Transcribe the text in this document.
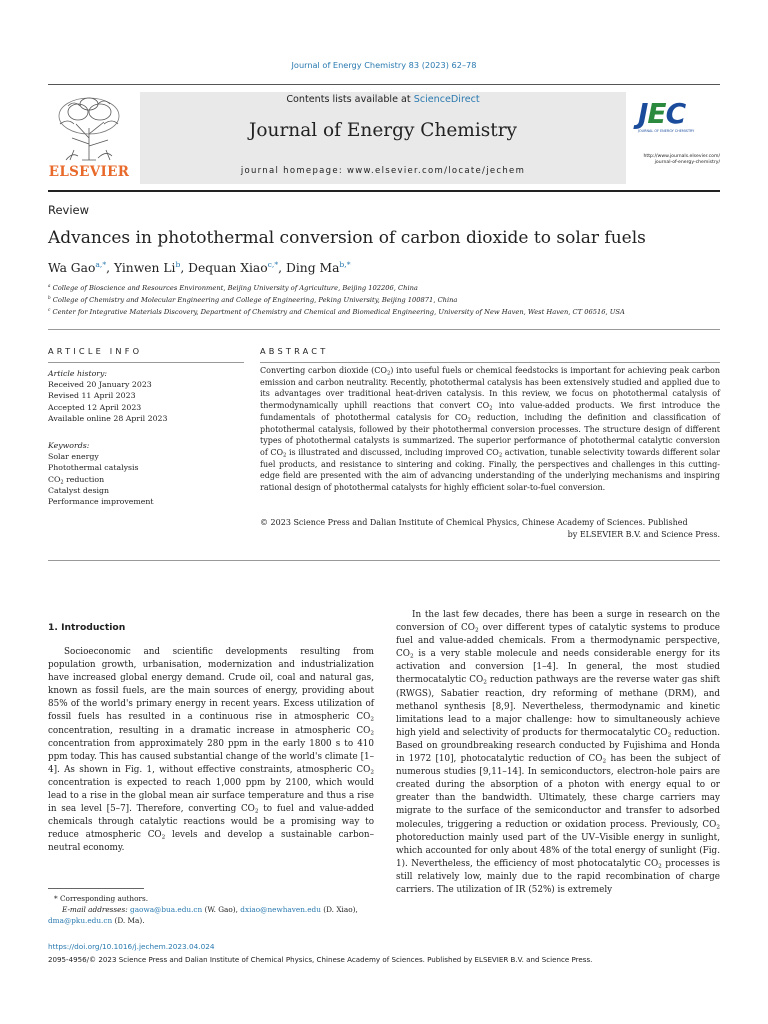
Journal of Energy Chemistry 83 (2023) 62–78
ELSEVIER
Contents lists available at ScienceDirect
Journal of Energy Chemistry
journal homepage: www.elsevier.com/locate/jechem
JEC
JOURNAL OF ENERGY CHEMISTRY
http://www.journals.elsevier.com/
journal-of-energy-chemistry/
Review
Advances in photothermal conversion of carbon dioxide to solar fuels
Wa Gao$^{a,*}$, Yinwen Li$^b$, Dequan Xiao$^{c,*}$, Ding $Ma^{b,*}$
$^a$ College of Bioscience and Resources Environment, Beijing University of Agriculture, Beijing 102206, China
$^b$ College of Chemistry and Molecular Engineering and College of Engineering, Peking University, Beijing 100871, China
$^c$ Center for Integrative Materials Discovery, Department of Chemistry and Chemical and Biomedical Engineering, University of New Haven, West Haven, CT 06516, USA
ARTICLE INFO	ABSTRACT
Article history:
Received 20 January 2023
Revised 11 April 2023
Accepted 12 April 2023
Available online 28 April 2023
Keywords:
Solar energy
Photothermal catalysis
$CO_2$ reduction
Catalyst design
Performance improvement
Converting carbon dioxide $(CO_2)$ into useful fuels or chemical feedstocks is important for achieving peak carbon emission and carbon neutrality. Recently, photothermal catalysis has been extensively studied and applied due to its advantages over traditional heat-driven catalysis. In this review, we focus on photothermal catalysis of thermodynamically uphill reactions that convert $CO_2$ into value-added products. We first introduce the fundamentals of photothermal catalysis for $CO_2$ reduction, including the definition and classification of photothermal catalysis, followed by their photothermal conversion processes. The structure design of different types of photothermal catalysts is summarized. The superior performance of photothermal catalytic conversion of $CO_2$ is illustrated and discussed, including improved $CO_2$ activation, tunable selectivity towards different solar fuel products, and resistance to sintering and coking. Finally, the perspectives and challenges in this cutting-edge field are presented with the aim of advancing understanding of the underlying mechanisms and inspiring rational design of photothermal catalysts for highly efficient solar-to-fuel conversion.
© 2023 Science Press and Dalian Institute of Chemical Physics, Chinese Academy of Sciences. Published
by ELSEVIER B.V. and Science Press.
1. Introduction

Socioeconomic and scientific developments resulting from population growth, urbanisation, modernization and industrialization have increased global energy demand. Crude oil, coal and natural gas, known as fossil fuels, are the main sources of energy, providing about 85% of the world's primary energy in recent years. Excess utilization of fossil fuels has resulted in a continuous rise in atmospheric $CO_2$ concentration, resulting in a dramatic increase in atmospheric $CO_2$ concentration from approximately 280 ppm in the early 1800 s to 410 ppm today. This has caused substantial change of the world's climate [1–4]. As shown in Fig. 1, without effective constraints, atmospheric $CO_2$ concentration is expected to reach 1,000 ppm by 2100, which would lead to a rise in the global mean air surface temperature and thus a rise in sea level [5–7]. Therefore, converting $CO_2$ to fuel and value-added chemicals through catalytic reactions would be a promising way to reduce atmospheric $CO_2$ levels and develop a sustainable carbon–neutral economy.

In the last few decades, there has been a surge in research on the conversion of $CO_2$ over different types of catalytic systems to produce fuel and value-added chemicals. From a thermodynamic perspective, $CO_2$ is a very stable molecule and needs considerable energy for its activation and conversion [1–4]. In general, the most studied thermocatalytic $CO_2$ reduction pathways are the reverse water gas shift (RWGS), Sabatier reaction, dry reforming of methane (DRM), and methanol synthesis [8,9]. Nevertheless, thermodynamic and kinetic limitations lead to a major challenge: how to simultaneously achieve high yield and selectivity of products for thermocatalytic $CO_2$ reduction. Based on groundbreaking research conducted by Fujishima and Honda in 1972 [10], photocatalytic reduction of $CO_2$ has been the subject of numerous studies [9,11–14]. In semiconductors, electron-hole pairs are created during the absorption of a photon with energy equal to or greater than the bandwidth. Ultimately, these charge carriers may migrate to the surface of the semiconductor and transfer to adsorbed molecules, triggering a reduction or oxidation process. Previously, $CO_2$ photoreduction mainly used part of the UV–Visible energy in sunlight, which accounted for only about 48% of the total energy of sunlight (Fig. 1). Nevertheless, the efficiency of most photocatalytic $CO_2$ processes is still relatively low, mainly due to the rapid recombination of charge carriers. The utilization of IR (52%) is extremely

* Corresponding authors.
E-mail addresses: gaowa@bua.edu.cn (W. Gao), dxiao@newhaven.edu (D. Xiao),
dma@pku.edu.cn (D. Ma).
https://doi.org/10.1016/j.jechem.2023.04.024
2095-4956/© 2023 Science Press and Dalian Institute of Chemical Physics, Chinese Academy of Sciences. Published by ELSEVIER B.V. and Science Press.
